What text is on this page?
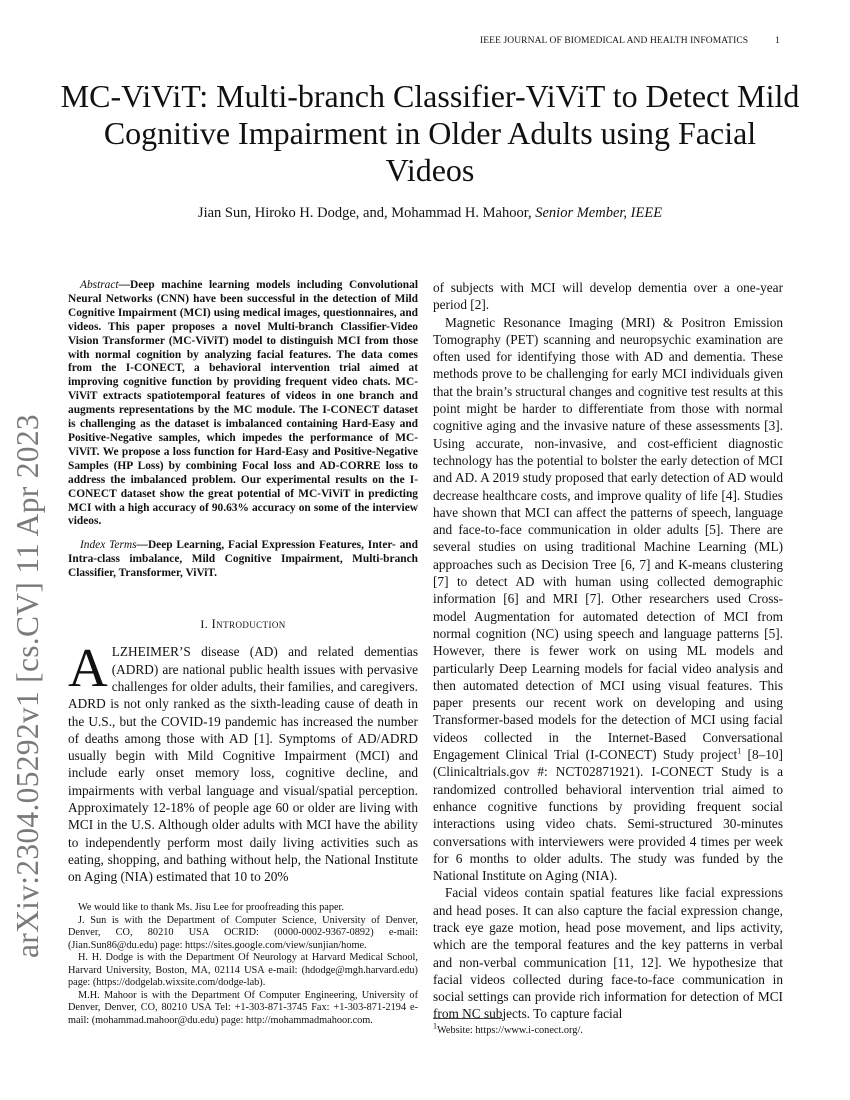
IEEE JOURNAL OF BIOMEDICAL AND HEALTH INFOMATICS	1
arXiv:2304.05292v1 [cs.CV] 11 Apr 2023
MC-ViViT: Multi-branch Classifier-ViViT to Detect Mild Cognitive Impairment in Older Adults using Facial Videos
Jian Sun, Hiroko H. Dodge, and, Mohammad H. Mahoor, Senior Member, IEEE

Abstract—Deep machine learning models including Convolutional Neural Networks (CNN) have been successful in the detection of Mild Cognitive Impairment (MCI) using medical images, questionnaires, and videos. This paper proposes a novel Multi-branch Classifier-Video Vision Transformer (MC-ViViT) model to distinguish MCI from those with normal cognition by analyzing facial features. The data comes from the I-CONECT, a behavioral intervention trial aimed at improving cognitive function by providing frequent video chats. MC-ViViT extracts spatiotemporal features of videos in one branch and augments representations by the MC module. The I-CONECT dataset is challenging as the dataset is imbalanced containing Hard-Easy and Positive-Negative samples, which impedes the performance of MC-ViViT. We propose a loss function for Hard-Easy and Positive-Negative Samples (HP Loss) by combining Focal loss and AD-CORRE loss to address the imbalanced problem. Our experimental results on the I-CONECT dataset show the great potential of MC-ViViT in predicting MCI with a high accuracy of 90.63% accuracy on some of the interview videos.

Index Terms—Deep Learning, Facial Expression Features, Inter- and Intra-class imbalance, Mild Cognitive Impairment, Multi-branch Classifier, Transformer, ViViT.

I. Introduction

ALZHEIMER’S disease (AD) and related dementias (ADRD) are national public health issues with pervasive challenges for older adults, their families, and caregivers. ADRD is not only ranked as the sixth-leading cause of death in the U.S., but the COVID-19 pandemic has increased the number of deaths among those with AD [1]. Symptoms of AD/ADRD usually begin with Mild Cognitive Impairment (MCI) and include early onset memory loss, cognitive decline, and impairments with verbal language and visual/spatial perception. Approximately 12-18% of people age 60 or older are living with MCI in the U.S. Although older adults with MCI have the ability to independently perform most daily living activities such as eating, shopping, and bathing without help, the National Institute on Aging (NIA) estimated that 10 to 20%

We would like to thank Ms. Jisu Lee for proofreading this paper.

J. Sun is with the Department of Computer Science, University of Denver, Denver, CO, 80210 USA OCRID: (0000-0002-9367-0892) e-mail: (Jian.Sun86@du.edu) page: https://sites.google.com/view/sunjian/home.

H. H. Dodge is with the Department Of Neurology at Harvard Medical School, Harvard University, Boston, MA, 02114 USA e-mail: (hdodge@mgh.harvard.edu) page: (https://dodgelab.wixsite.com/dodge-lab).

M.H. Mahoor is with the Department Of Computer Engineering, University of Denver, Denver, CO, 80210 USA Tel: +1-303-871-3745 Fax: +1-303-871-2194 e-mail: (mohammad.mahoor@du.edu) page: http://mohammadmahoor.com.

of subjects with MCI will develop dementia over a one-year period [2].

Magnetic Resonance Imaging (MRI) & Positron Emission Tomography (PET) scanning and neuropsychic examination are often used for identifying those with AD and dementia. These methods prove to be challenging for early MCI individuals given that the brain’s structural changes and cognitive test results at this point might be harder to differentiate from those with normal cognitive aging and the invasive nature of these assessments [3]. Using accurate, non-invasive, and cost-efficient diagnostic technology has the potential to bolster the early detection of MCI and AD. A 2019 study proposed that early detection of AD would decrease healthcare costs, and improve quality of life [4]. Studies have shown that MCI can affect the patterns of speech, language and face-to-face communication in older adults [5]. There are several studies on using traditional Machine Learning (ML) approaches such as Decision Tree [6, 7] and K-means clustering [7] to detect AD with human using collected demographic information [6] and MRI [7]. Other researchers used Cross-model Augmentation for automated detection of MCI from normal cognition (NC) using speech and language patterns [5]. However, there is fewer work on using ML models and particularly Deep Learning models for facial video analysis and then automated detection of MCI using visual features. This paper presents our recent work on developing and using Transformer-based models for the detection of MCI using facial videos collected in the Internet-Based Conversational Engagement Clinical Trial (I-CONECT) Study project$^1$ [8–10] (Clinicaltrials.gov #: NCT02871921). I-CONECT Study is a randomized controlled behavioral intervention trial aimed to enhance cognitive functions by providing frequent social interactions using video chats. Semi-structured 30-minutes conversations with interviewers were provided 4 times per week for 6 months to older adults. The study was funded by the National Institute on Aging (NIA).

Facial videos contain spatial features like facial expressions and head poses. It can also capture the facial expression change, track eye gaze motion, head pose movement, and lips activity, which are the temporal features and the key patterns in verbal and non-verbal communication [11, 12]. We hypothesize that facial videos collected during face-to-face communication in social settings can provide rich information for detection of MCI from NC subjects. To capture facial

$^1$Website: https://www.i-conect.org/.
